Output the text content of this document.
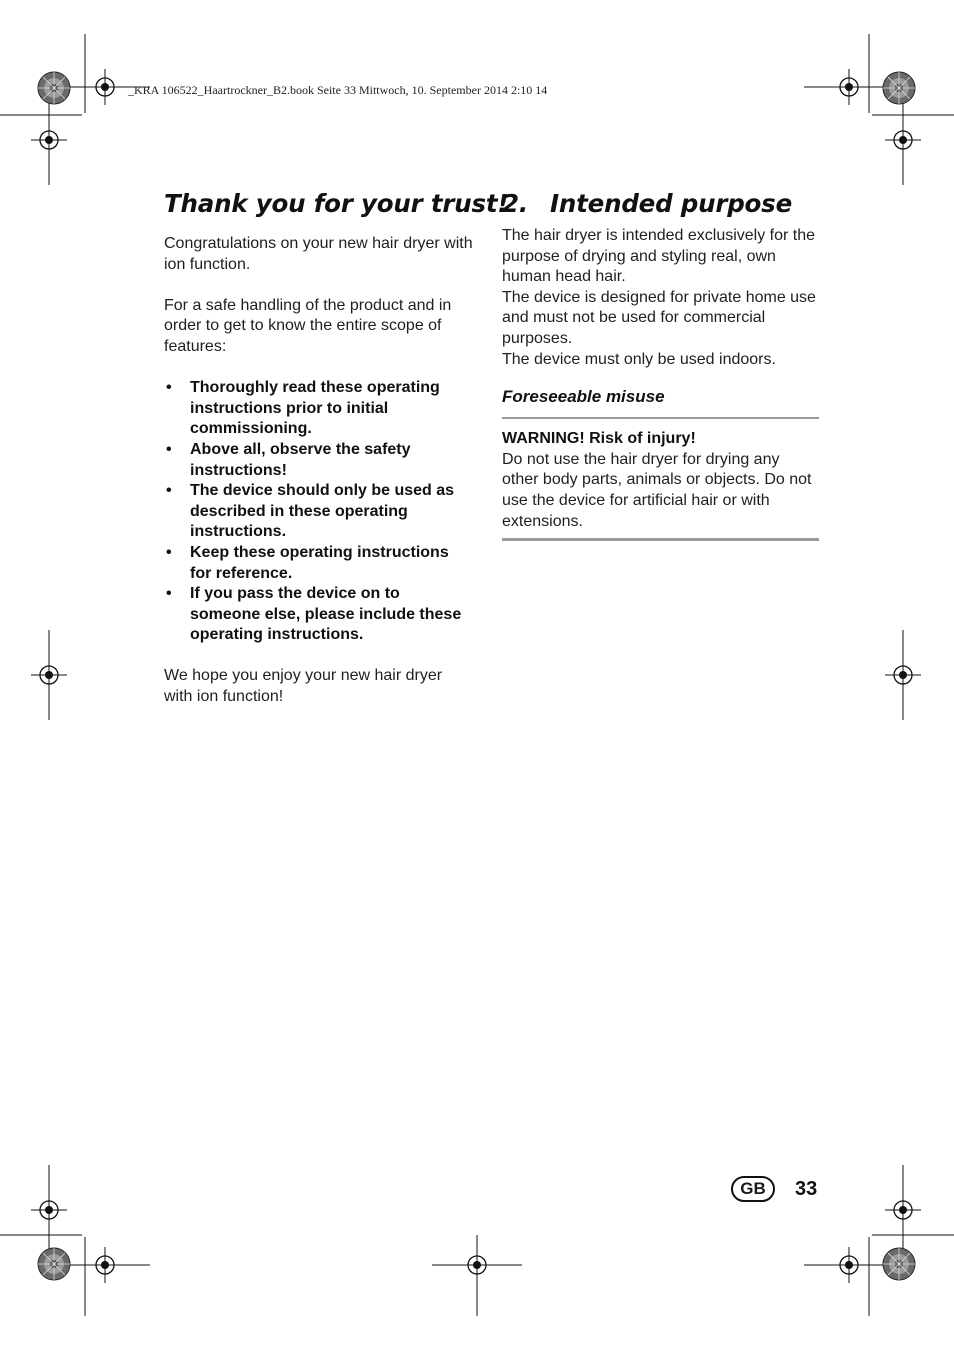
_KRA 106522_Haartrockner_B2.book Seite 33 Mittwoch, 10. September 2014 2:10 14
Thank you for your trust!

Congratulations on your new hair dryer with ion function.

For a safe handling of the product and in order to get to know the entire scope of features:

• Thoroughly read these operating instructions prior to initial commissioning.
• Above all, observe the safety instructions!
• The device should only be used as described in these operating instructions.
• Keep these operating instructions for reference.
• If you pass the device on to someone else, please include these operating instructions.

We hope you enjoy your new hair dryer with ion function!

2. Intended purpose

The hair dryer is intended exclusively for the purpose of drying and styling real, own human head hair.

The device is designed for private home use and must not be used for commercial purposes.

The device must only be used indoors.

Foreseeable misuse
WARNING! Risk of injury!

Do not use the hair dryer for drying any other body parts, animals or objects. Do not use the device for artificial hair or with extensions.

GB	33
